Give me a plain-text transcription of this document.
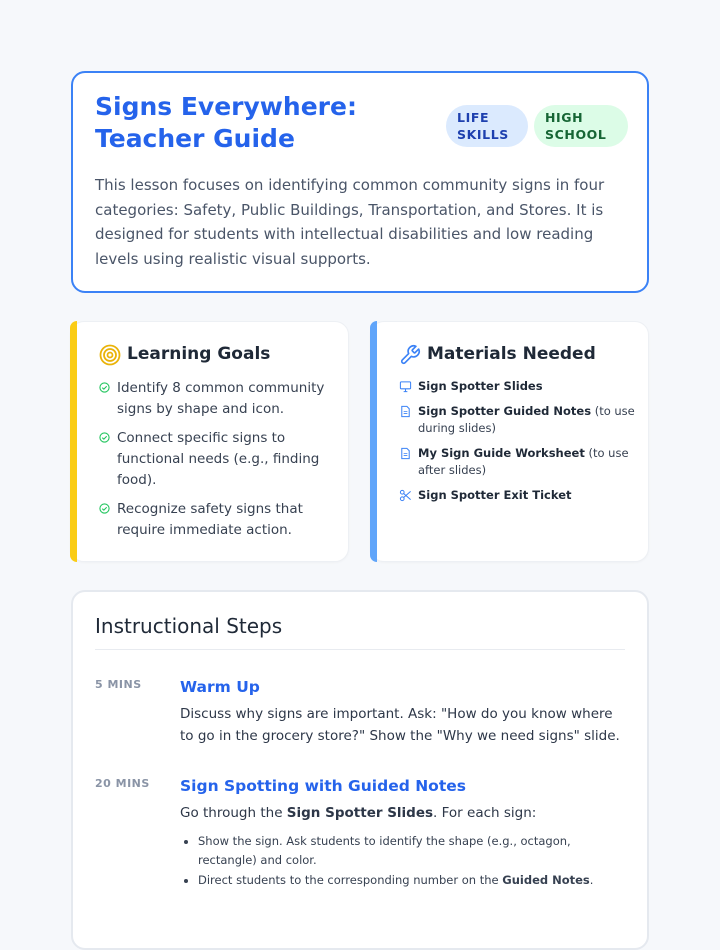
Signs Everywhere: Teacher Guide
LIFE SKILLS
HIGH SCHOOL

This lesson focuses on identifying common community signs in four categories: Safety, Public Buildings, Transportation, and Stores. It is designed for students with intellectual disabilities and low reading levels using realistic visual supports.

Learning Goals
Identify 8 common community signs by shape and icon.
Connect specific signs to functional needs (e.g., finding food).
Recognize safety signs that require immediate action.
Materials Needed
Sign Spotter Slides
Sign Spotter Guided Notes (to use during slides)
My Sign Guide Worksheet (to use after slides)
Sign Spotter Exit Ticket
Instructional Steps
5 MINS Warm Up

Discuss why signs are important. Ask: "How do you know where to go in the grocery store?" Show the "Why we need signs" slide.

20 MINS Sign Spotting with Guided Notes

Go through the Sign Spotter Slides. For each sign:

• Show the sign. Ask students to identify the shape (e.g., octagon, rectangle) and color.
• Direct students to the corresponding number on the Guided Notes.
